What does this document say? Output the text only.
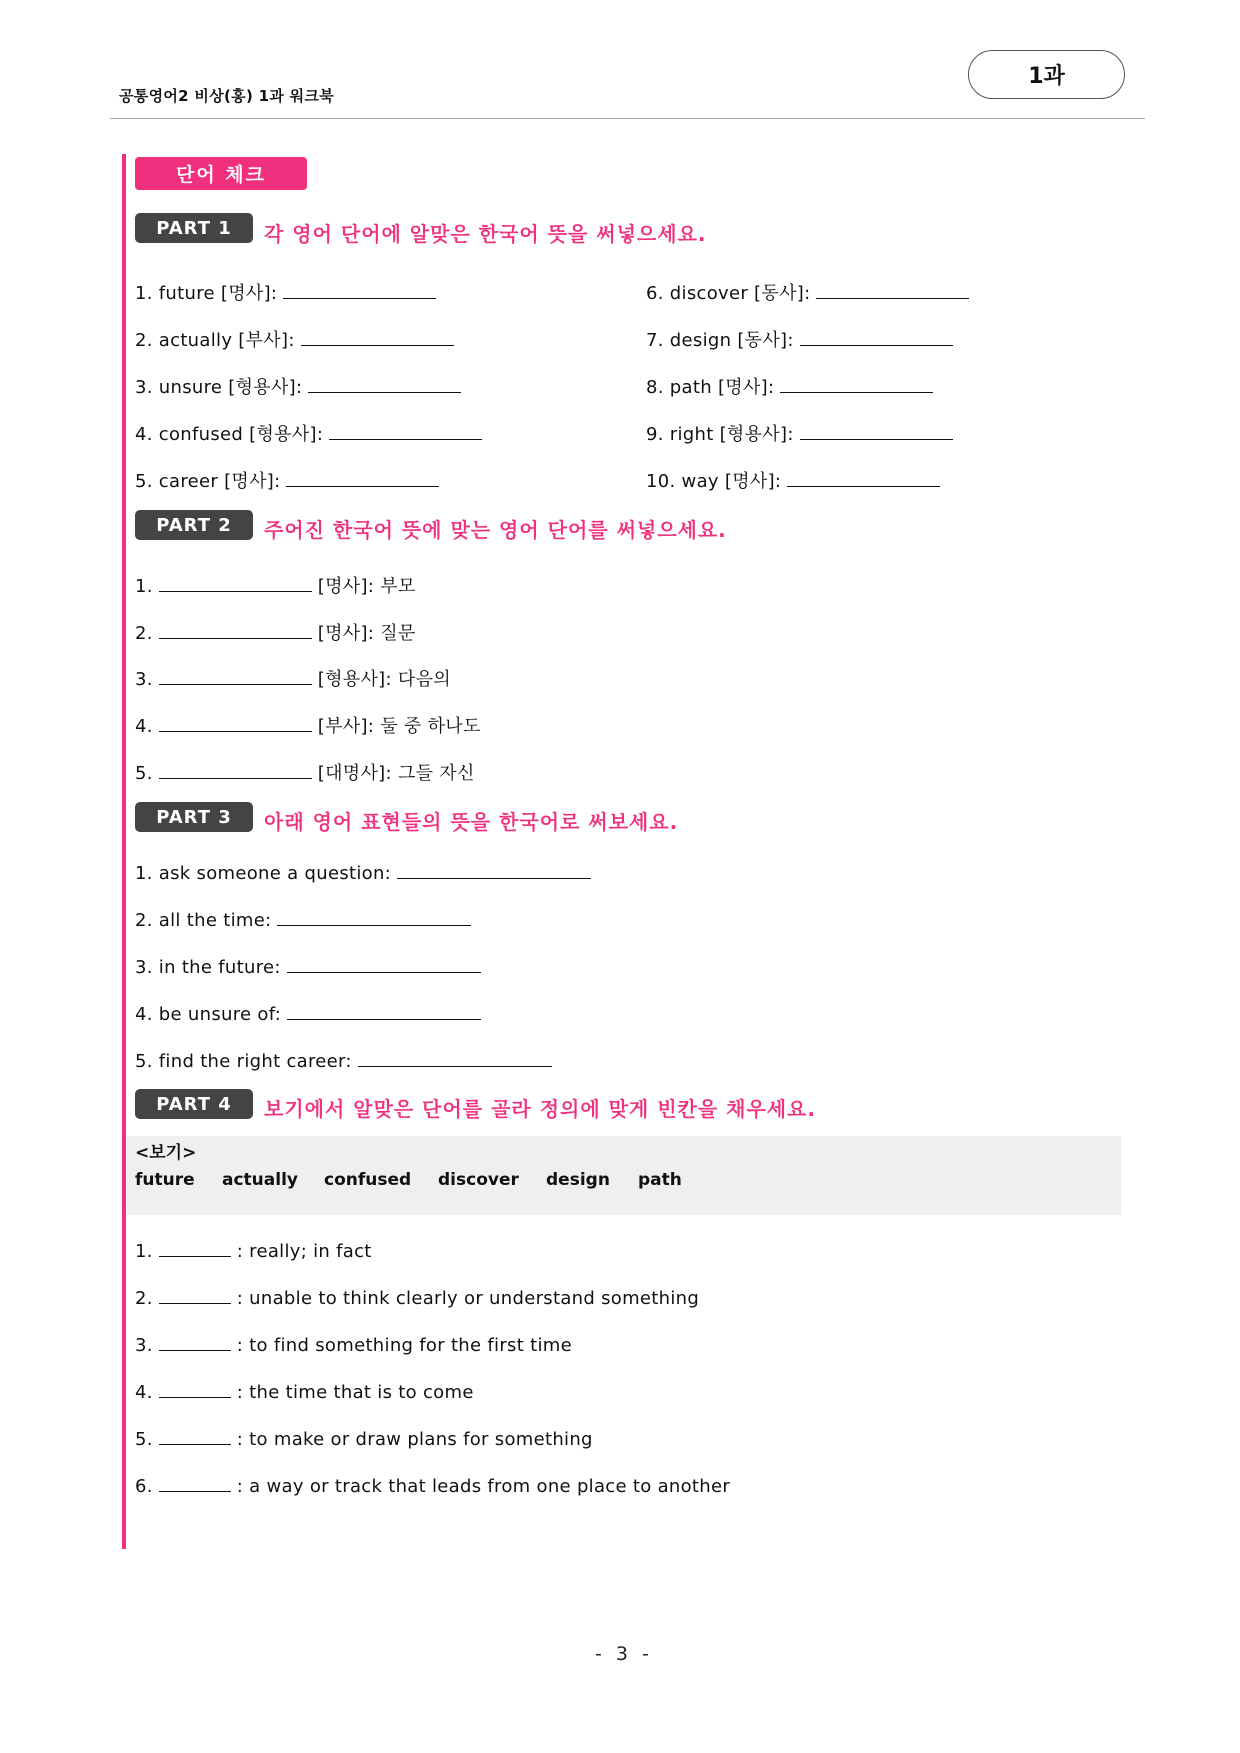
공통영어2 비상(홍) 1과 워크북
1과
단어 체크
PART 1 각 영어 단어에 알맞은 한국어 뜻을 써넣으세요.
1. future [명사]:
2. actually [부사]:
3. unsure [형용사]:
4. confused [형용사]:
5. career [명사]:
6. discover [동사]:
7. design [동사]:
8. path [명사]:
9. right [형용사]:
10. way [명사]:
PART 2 주어진 한국어 뜻에 맞는 영어 단어를 써넣으세요.
1.	[명사]: 부모
2.	[명사]: 질문
3.	[형용사]: 다음의
4.	[부사]: 둘 중 하나도
5.	[대명사]: 그들 자신
PART 3 아래 영어 표현들의 뜻을 한국어로 써보세요.
1. ask someone a question:
2. all the time:
3. in the future:
4. be unsure of:
5. find the right career:
PART 4 보기에서 알맞은 단어를 골라 정의에 맞게 빈칸을 채우세요.
<보기>
future actually confused discover design path
1.	: really; in fact
2.	: unable to think clearly or understand something
3.	: to find something for the first time
4.	: the time that is to come
5.	: to make or draw plans for something
6.	: a way or track that leads from one place to another
- 3 -
